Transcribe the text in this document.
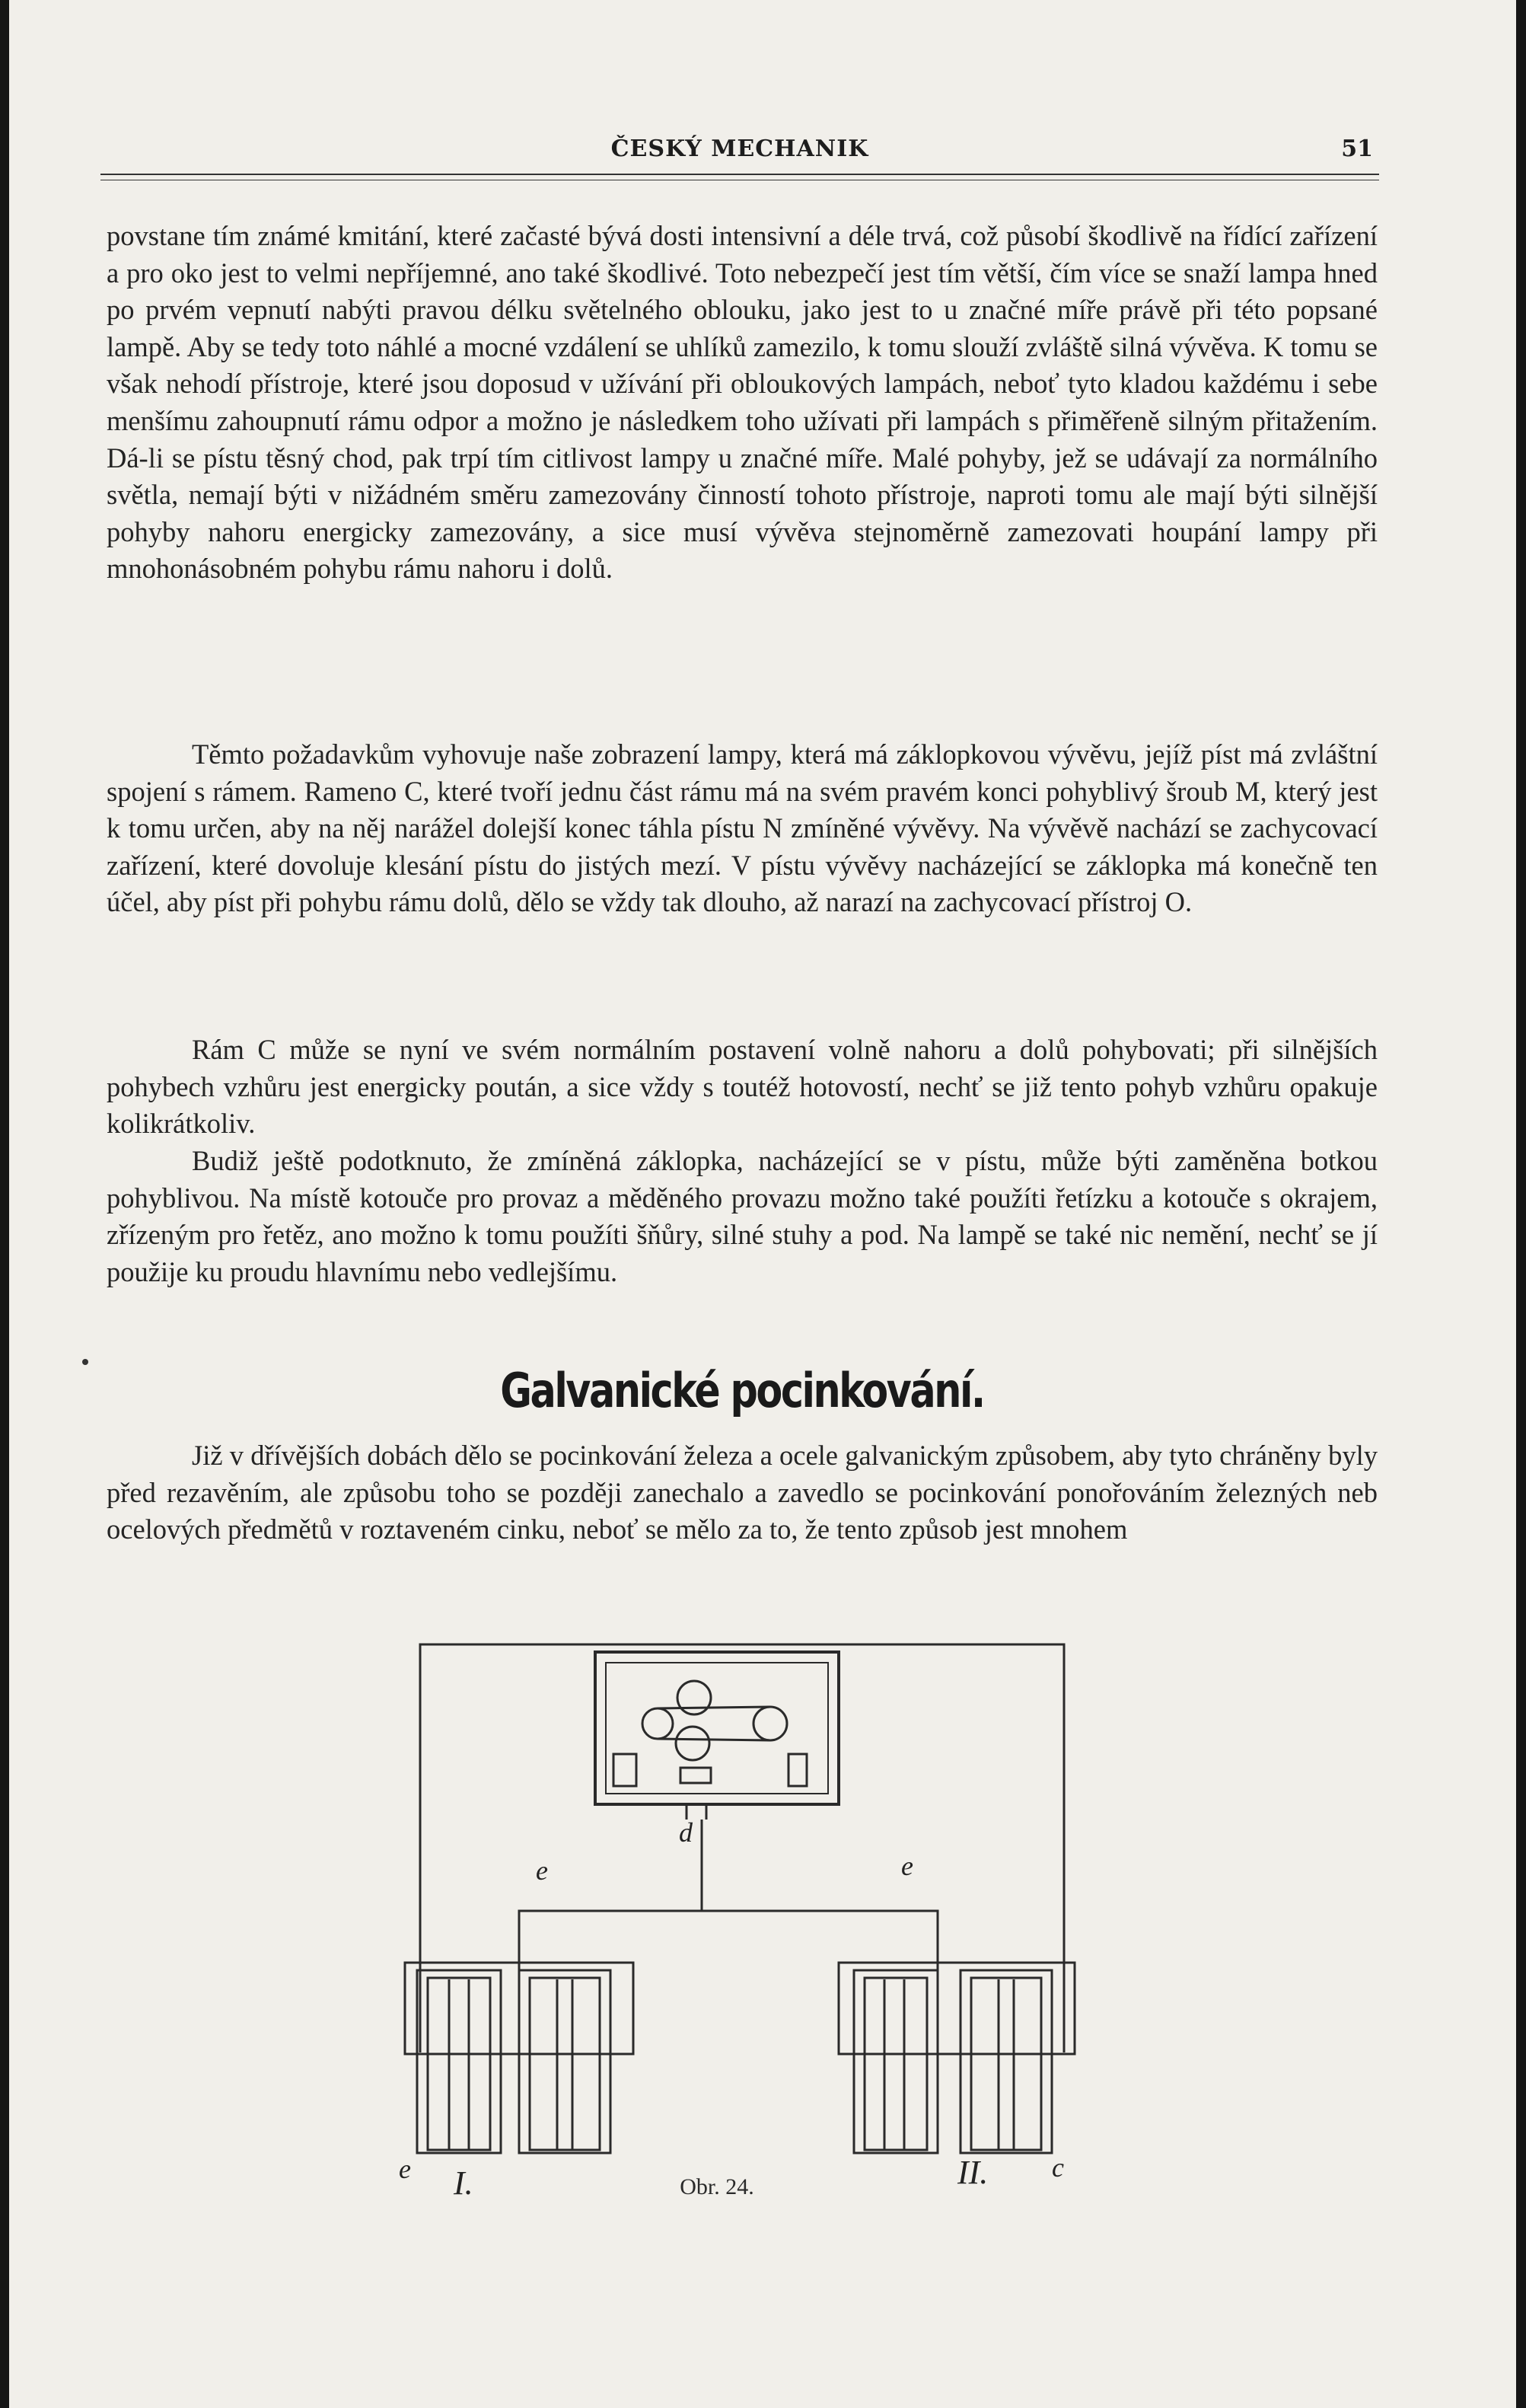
ČESKÝ MECHANIK	51

povstane tím známé kmitání, které začasté bývá dosti intensivní a déle trvá, což působí škodlivě na řídící zařízení a pro oko jest to velmi nepříjemné, ano také škodlivé. Toto nebezpečí jest tím větší, čím více se snaží lampa hned po prvém vepnutí nabýti pravou délku světelného oblouku, jako jest to u značné míře právě při této popsané lampě. Aby se tedy toto náhlé a mocné vzdálení se uhlíků zamezilo, k tomu slouží zvláště silná vývěva. K tomu se však nehodí přístroje, které jsou doposud v užívání při obloukových lampách, neboť tyto kladou každému i sebe menšímu zahoupnutí rámu odpor a možno je následkem toho užívati při lampách s přiměřeně silným přitažením. Dá-li se pístu těsný chod, pak trpí tím citlivost lampy u značné míře. Malé pohyby, jež se udávají za normálního světla, nemají býti v nižádném směru zamezovány činností tohoto přístroje, naproti tomu ale mají býti silnější pohyby nahoru energicky zamezovány, a sice musí vývěva stejnoměrně zamezovati houpání lampy při mnohonásobném pohybu rámu nahoru i dolů.

Těmto požadavkům vyhovuje naše zobrazení lampy, která má záklopkovou vývěvu, jejíž píst má zvláštní spojení s rámem. Rameno C, které tvoří jednu část rámu má na svém pravém konci pohyblivý šroub M, který jest k tomu určen, aby na něj narážel dolejší konec táhla pístu N zmíněné vývěvy. Na vývěvě nachází se zachycovací zařízení, které dovoluje klesání pístu do jistých mezí. V pístu vývěvy nacházející se záklopka má konečně ten účel, aby píst při pohybu rámu dolů, dělo se vždy tak dlouho, až narazí na zachycovací přístroj O.

Rám C může se nyní ve svém normálním postavení volně nahoru a dolů pohybovati; při silnějších pohybech vzhůru jest energicky poután, a sice vždy s toutéž hotovostí, nechť se již tento pohyb vzhůru opakuje kolikrátkoliv.

Budiž ještě podotknuto, že zmíněná záklopka, nacházející se v pístu, může býti zaměněna botkou pohyblivou. Na místě kotouče pro provaz a měděného provazu možno také použíti řetízku a kotouče s okrajem, zřízeným pro řetěz, ano možno k tomu použíti šňůry, silné stuhy a pod. Na lampě se také nic nemění, nechť se jí použije ku proudu hlavnímu nebo vedlejšímu.

Galvanické pocinkování.

Již v dřívějších dobách dělo se pocinkování železa a ocele galvanickým způsobem, aby tyto chráněny byly před rezavěním, ale způsobu toho se později zanechalo a zavedlo se pocinkování ponořováním železných neb ocelových předmětů v roztaveném cinku, neboť se mělo za to, že tento způsob jest mnohem

d
e	e
e I.	II. c
Obr. 24.
